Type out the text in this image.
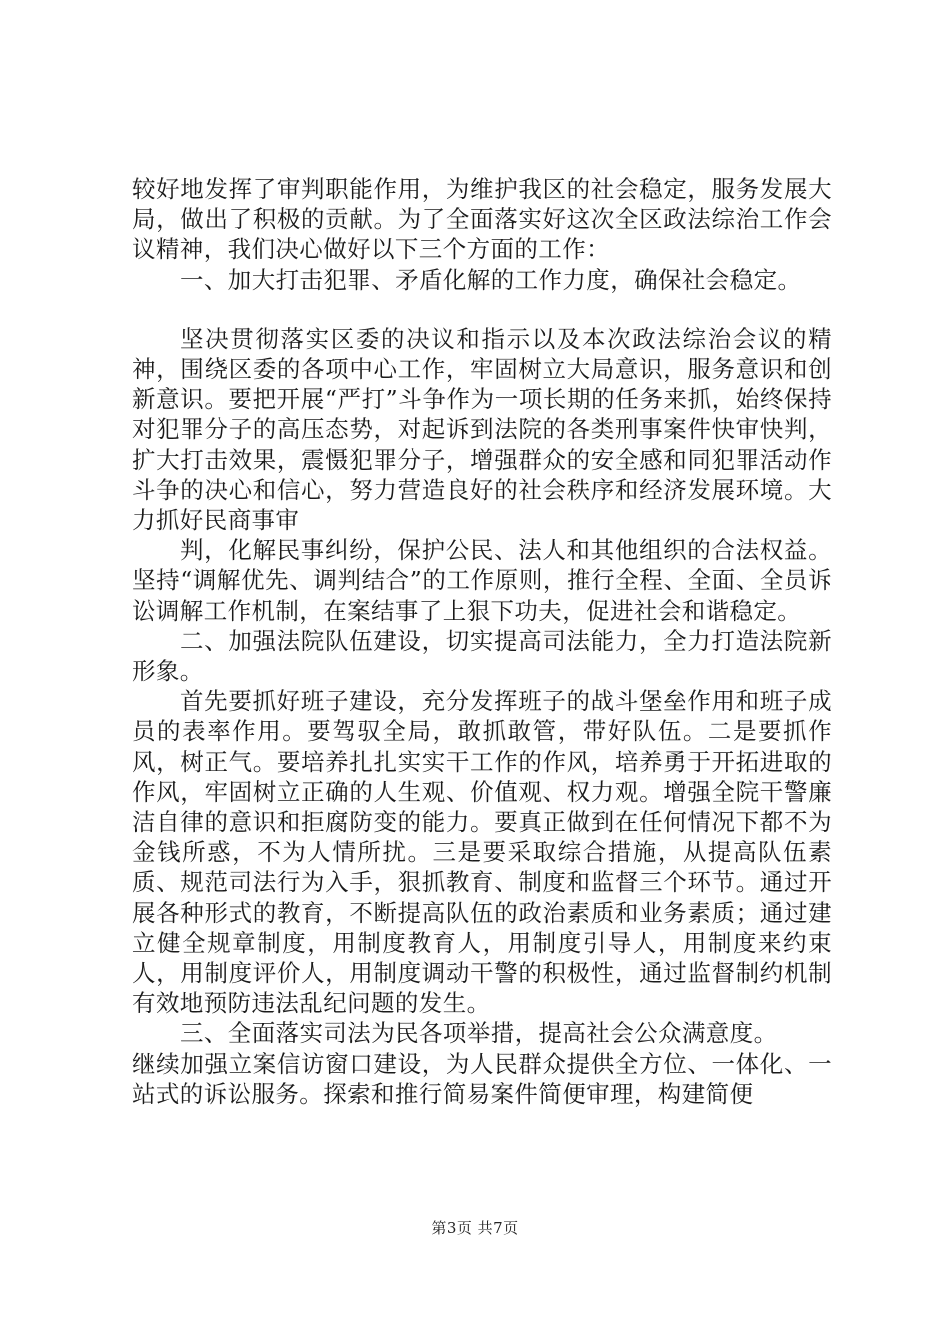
较好地发挥了审判职能作用，为维护我区的社会稳定，服务发展大局，做出了积极的贡献。为了全面落实好这次全区政法综治工作会议精神，我们决心做好以下三个方面的工作：

一、加大打击犯罪、矛盾化解的工作力度，确保社会稳定。

坚决贯彻落实区委的决议和指示以及本次政法综治会议的精神，围绕区委的各项中心工作，牢固树立大局意识，服务意识和创新意识。要把开展“严打”斗争作为一项长期的任务来抓，始终保持对犯罪分子的高压态势，对起诉到法院的各类刑事案件快审快判，扩大打击效果，震慑犯罪分子，增强群众的安全感和同犯罪活动作斗争的决心和信心，努力营造良好的社会秩序和经济发展环境。大力抓好民商事审

判，化解民事纠纷，保护公民、法人和其他组织的合法权益。坚持“调解优先、调判结合”的工作原则，推行全程、全面、全员诉讼调解工作机制，在案结事了上狠下功夫，促进社会和谐稳定。

二、加强法院队伍建设，切实提高司法能力，全力打造法院新形象。

首先要抓好班子建设，充分发挥班子的战斗堡垒作用和班子成员的表率作用。要驾驭全局，敢抓敢管，带好队伍。二是要抓作风，树正气。要培养扎扎实实干工作的作风，培养勇于开拓进取的作风，牢固树立正确的人生观、价值观、权力观。增强全院干警廉洁自律的意识和拒腐防变的能力。要真正做到在任何情况下都不为金钱所惑，不为人情所扰。三是要采取综合措施，从提高队伍素质、规范司法行为入手，狠抓教育、制度和监督三个环节。通过开展各种形式的教育，不断提高队伍的政治素质和业务素质；通过建立健全规章制度，用制度教育人，用制度引导人，用制度来约束人，用制度评价人，用制度调动干警的积极性，通过监督制约机制有效地预防违法乱纪问题的发生。

三、全面落实司法为民各项举措，提高社会公众满意度。

继续加强立案信访窗口建设，为人民群众提供全方位、一体化、一站式的诉讼服务。探索和推行简易案件简便审理，构建简便

第3页 共7页
